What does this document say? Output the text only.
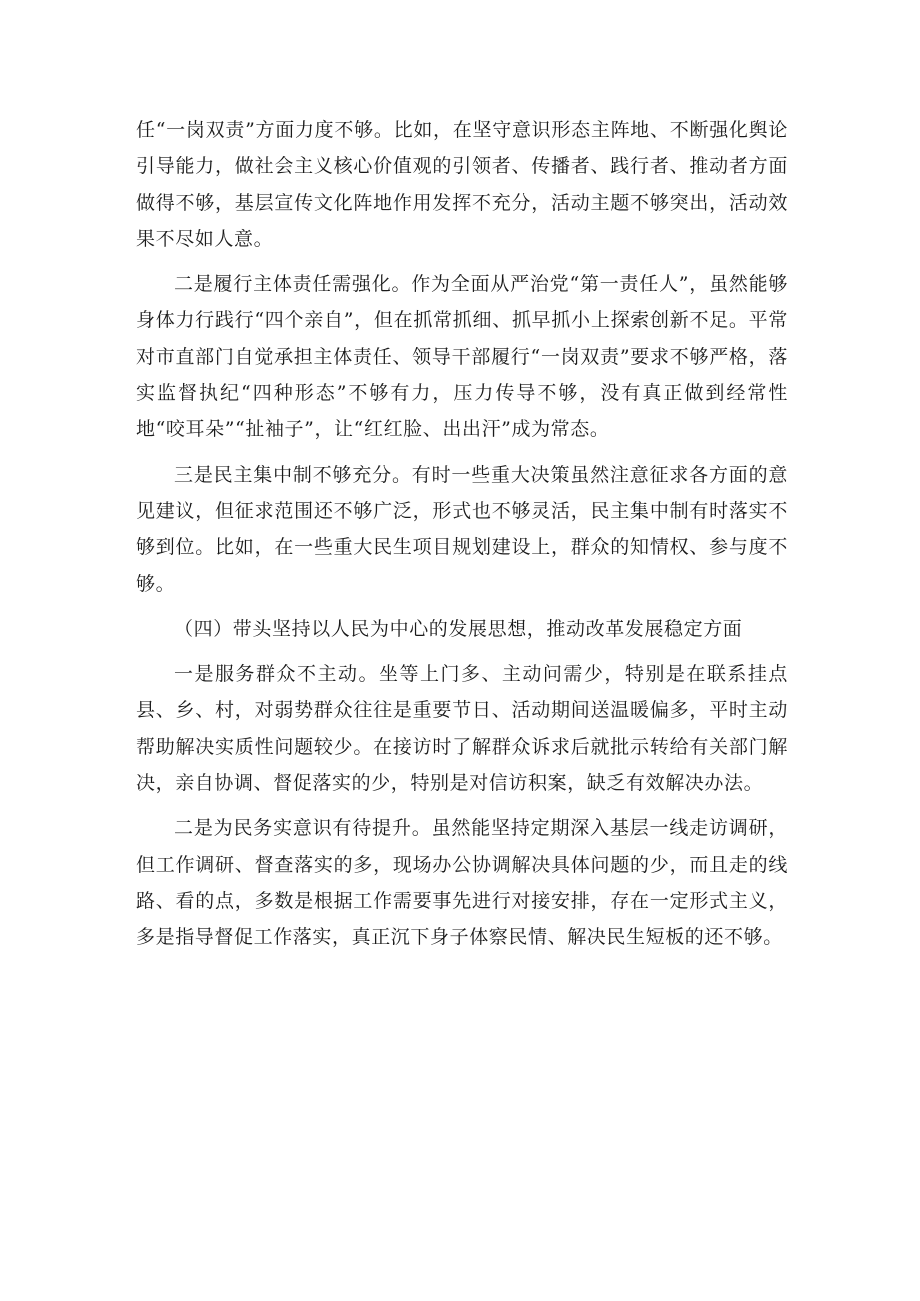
任“一岗双责”方面力度不够。比如，在坚守意识形态主阵地、不断强化舆论引导能力，做社会主义核心价值观的引领者、传播者、践行者、推动者方面做得不够，基层宣传文化阵地作用发挥不充分，活动主题不够突出，活动效果不尽如人意。

二是履行主体责任需强化。作为全面从严治党“第一责任人”，虽然能够身体力行践行“四个亲自”，但在抓常抓细、抓早抓小上探索创新不足。平常对市直部门自觉承担主体责任、领导干部履行“一岗双责”要求不够严格，落实监督执纪“四种形态”不够有力，压力传导不够，没有真正做到经常性地“咬耳朵”“扯袖子”，让“红红脸、出出汗”成为常态。

三是民主集中制不够充分。有时一些重大决策虽然注意征求各方面的意见建议，但征求范围还不够广泛，形式也不够灵活，民主集中制有时落实不够到位。比如，在一些重大民生项目规划建设上，群众的知情权、参与度不够。

（四）带头坚持以人民为中心的发展思想，推动改革发展稳定方面

一是服务群众不主动。坐等上门多、主动问需少，特别是在联系挂点县、乡、村，对弱势群众往往是重要节日、活动期间送温暖偏多，平时主动帮助解决实质性问题较少。在接访时了解群众诉求后就批示转给有关部门解决，亲自协调、督促落实的少，特别是对信访积案，缺乏有效解决办法。

二是为民务实意识有待提升。虽然能坚持定期深入基层一线走访调研，但工作调研、督查落实的多，现场办公协调解决具体问题的少，而且走的线路、看的点，多数是根据工作需要事先进行对接安排，存在一定形式主义，多是指导督促工作落实，真正沉下身子体察民情、解决民生短板的还不够。
